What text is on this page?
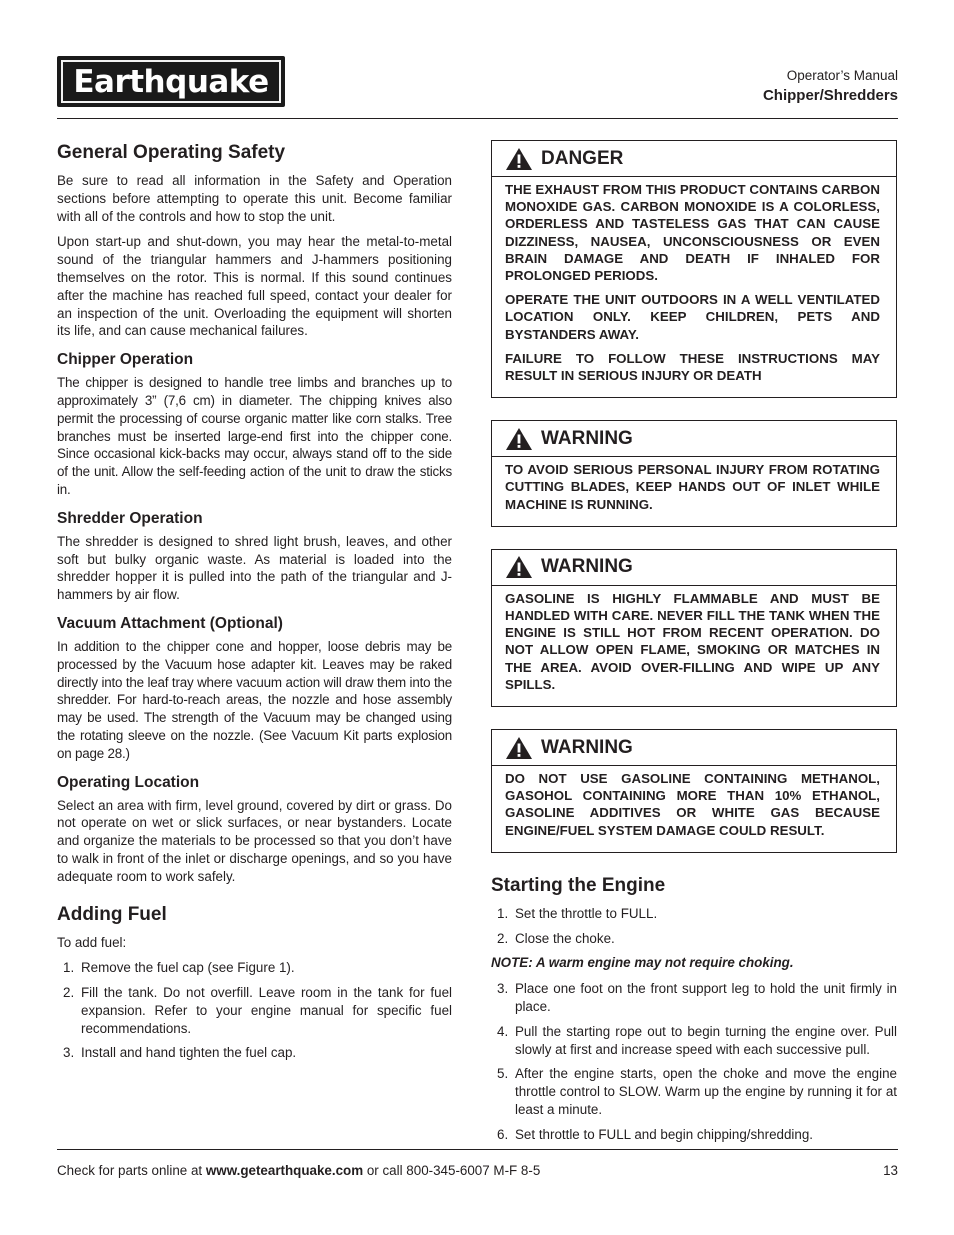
Earthquake	Operator’s Manual
Chipper/Shredders
General Operating Safety

Be sure to read all information in the Safety and Operation sections before attempting to operate this unit. Become familiar with all of the controls and how to stop the unit.

Upon start-up and shut-down, you may hear the metal-to-metal sound of the triangular hammers and J-hammers positioning themselves on the rotor. This is normal. If this sound continues after the machine has reached full speed, contact your dealer for an inspection of the unit. Overloading the equipment will shorten its life, and can cause mechanical failures.

Chipper Operation

The chipper is designed to handle tree limbs and branches up to approximately 3” (7,6 cm) in diameter. The chipping knives also permit the processing of course organic matter like corn stalks. Tree branches must be inserted large-end first into the chipper cone. Since occasional kick-backs may occur, always stand off to the side of the unit. Allow the self-feeding action of the unit to draw the sticks in.

Shredder Operation

The shredder is designed to shred light brush, leaves, and other soft but bulky organic waste. As material is loaded into the shredder hopper it is pulled into the path of the triangular and J-hammers by air flow.

Vacuum Attachment (Optional)

In addition to the chipper cone and hopper, loose debris may be processed by the Vacuum hose adapter kit. Leaves may be raked directly into the leaf tray where vacuum action will draw them into the shredder. For hard-to-reach areas, the nozzle and hose assembly may be used. The strength of the Vacuum may be changed using the rotating sleeve on the nozzle. (See Vacuum Kit parts explosion on page 28.)

Operating Location

Select an area with firm, level ground, covered by dirt or grass. Do not operate on wet or slick surfaces, or near bystanders. Locate and organize the materials to be processed so that you don’t have to walk in front of the inlet or discharge openings, and so you have adequate room to work safely.

Adding Fuel

To add fuel:

1. Remove the fuel cap (see Figure 1).
2. Fill the tank. Do not overfill. Leave room in the tank for fuel expansion. Refer to your engine manual for specific fuel recommendations.
3. Install and hand tighten the fuel cap.
DANGER

THE EXHAUST FROM THIS PRODUCT CONTAINS CARBON MONOXIDE GAS. CARBON MONOXIDE IS A COLORLESS, ORDERLESS AND TASTELESS GAS THAT CAN CAUSE DIZZINESS, NAUSEA, UNCONSCIOUSNESS OR EVEN BRAIN DAMAGE AND DEATH IF INHALED FOR PROLONGED PERIODS.

OPERATE THE UNIT OUTDOORS IN A WELL VENTILATED LOCATION ONLY. KEEP CHILDREN, PETS AND BYSTANDERS AWAY.

FAILURE TO FOLLOW THESE INSTRUCTIONS MAY RESULT IN SERIOUS INJURY OR DEATH

WARNING

TO AVOID SERIOUS PERSONAL INJURY FROM ROTATING CUTTING BLADES, KEEP HANDS OUT OF INLET WHILE MACHINE IS RUNNING.

WARNING

GASOLINE IS HIGHLY FLAMMABLE AND MUST BE HANDLED WITH CARE. NEVER FILL THE TANK WHEN THE ENGINE IS STILL HOT FROM RECENT OPERATION. DO NOT ALLOW OPEN FLAME, SMOKING OR MATCHES IN THE AREA. AVOID OVER-FILLING AND WIPE UP ANY SPILLS.

WARNING

DO NOT USE GASOLINE CONTAINING METHANOL, GASOHOL CONTAINING MORE THAN 10% ETHANOL, GASOLINE ADDITIVES OR WHITE GAS BECAUSE ENGINE/FUEL SYSTEM DAMAGE COULD RESULT.

Starting the Engine
1. Set the throttle to FULL.
2. Close the choke.
NOTE: A warm engine may not require choking.
3. Place one foot on the front support leg to hold the unit firmly in place.
4. Pull the starting rope out to begin turning the engine over. Pull slowly at first and increase speed with each successive pull.
5. After the engine starts, open the choke and move the engine throttle control to SLOW. Warm up the engine by running it for at least a minute.
6. Set throttle to FULL and begin chipping/shredding.
Check for parts online at www.getearthquake.com or call 800-345-6007 M-F 8-5	13
